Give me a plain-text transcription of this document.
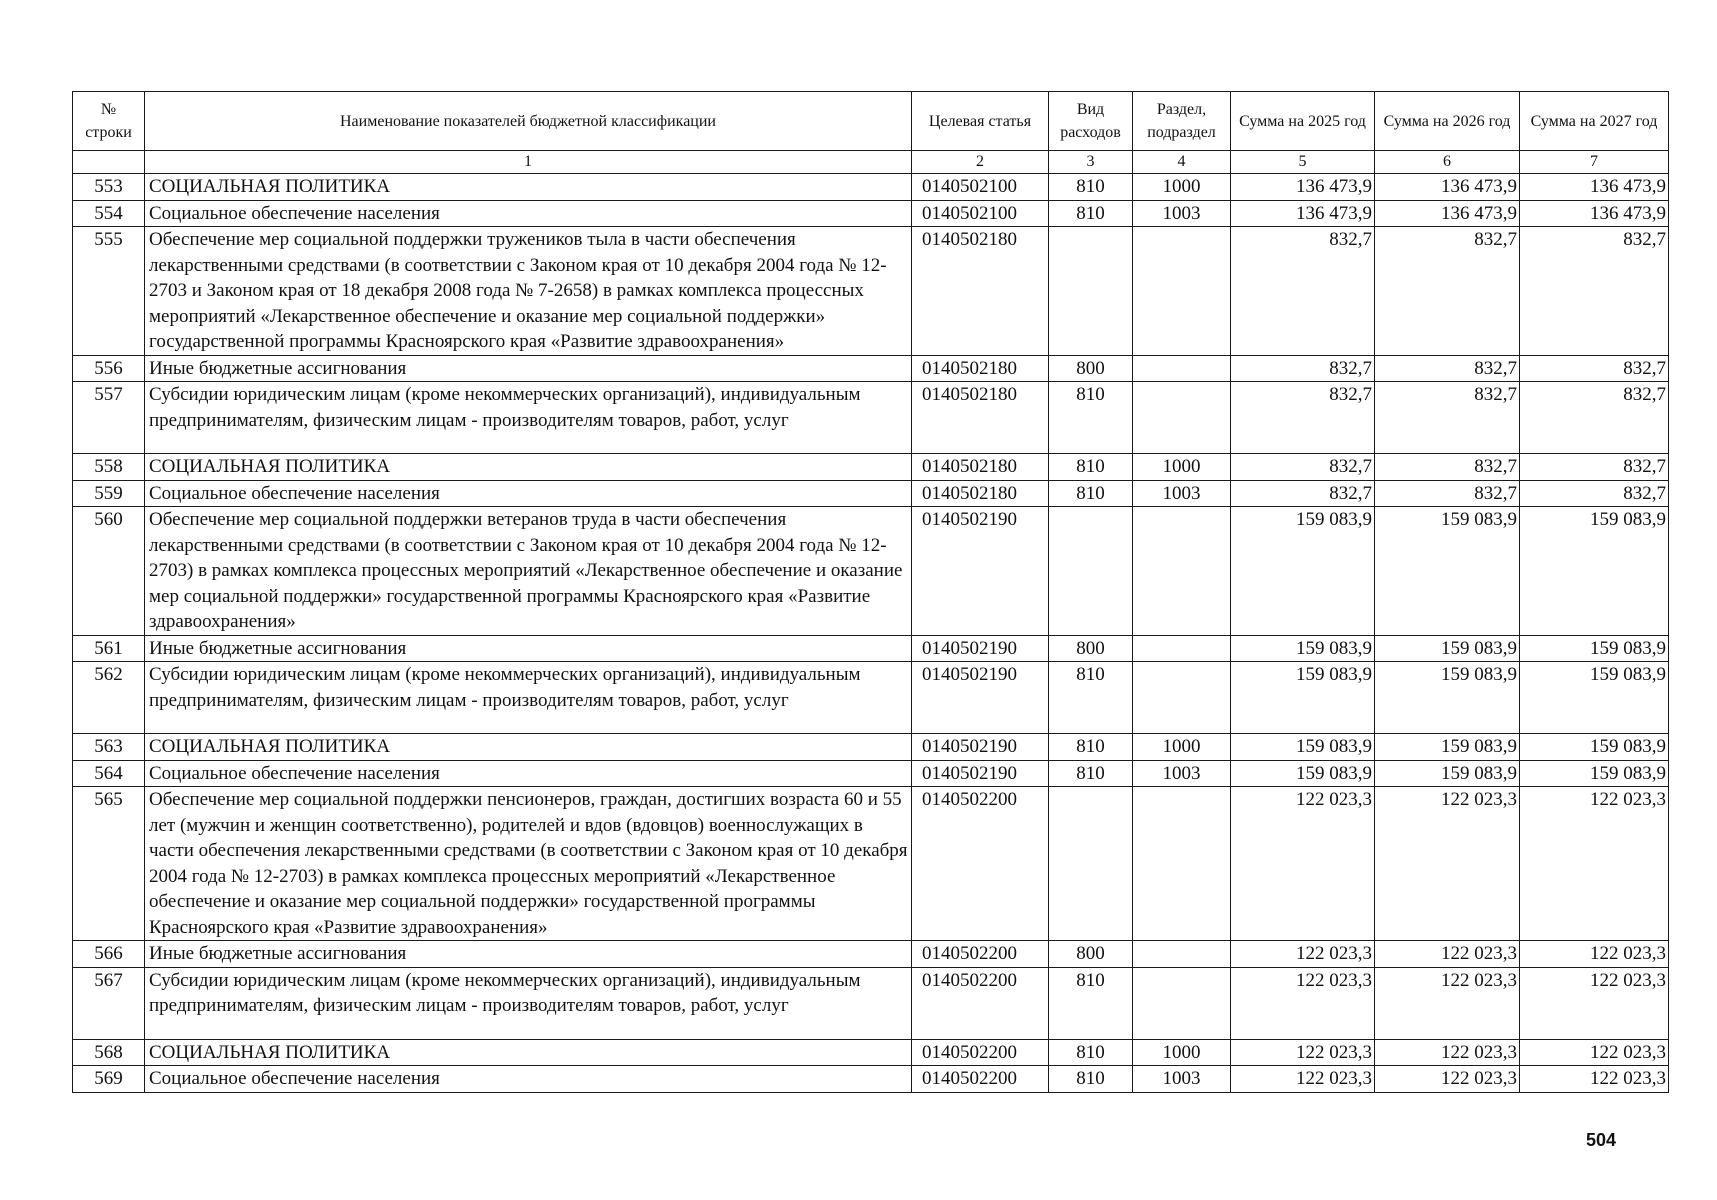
№ строки	Наименование показателей бюджетной классификации	Целевая статья	Вид расходов	Раздел, подраздел	Сумма на 2025 год	Сумма на 2026 год	Сумма на 2027 год
	1	2	3	4	5	6	7
553	СОЦИАЛЬНАЯ ПОЛИТИКА	0140502100	810	1000	136 473,9	136 473,9	136 473,9
554	Социальное обеспечение населения	0140502100	810	1003	136 473,9	136 473,9	136 473,9
555	Обеспечение мер социальной поддержки тружеников тыла в части обеспечения лекарственными средствами (в соответствии с Законом края от 10 декабря 2004 года № 12-2703 и Законом края от 18 декабря 2008 года № 7-2658) в рамках комплекса процессных мероприятий «Лекарственное обеспечение и оказание мер социальной поддержки» государственной программы Красноярского края «Развитие здравоохранения»	0140502180			832,7	832,7	832,7
556	Иные бюджетные ассигнования	0140502180	800		832,7	832,7	832,7
557	Субсидии юридическим лицам (кроме некоммерческих организаций), индивидуальным предпринимателям, физическим лицам - производителям товаров, работ, услуг	0140502180	810		832,7	832,7	832,7
558	СОЦИАЛЬНАЯ ПОЛИТИКА	0140502180	810	1000	832,7	832,7	832,7
559	Социальное обеспечение населения	0140502180	810	1003	832,7	832,7	832,7
560	Обеспечение мер социальной поддержки ветеранов труда в части обеспечения лекарственными средствами (в соответствии с Законом края от 10 декабря 2004 года № 12-2703) в рамках комплекса процессных мероприятий «Лекарственное обеспечение и оказание мер социальной поддержки» государственной программы Красноярского края «Развитие здравоохранения»	0140502190			159 083,9	159 083,9	159 083,9
561	Иные бюджетные ассигнования	0140502190	800		159 083,9	159 083,9	159 083,9
562	Субсидии юридическим лицам (кроме некоммерческих организаций), индивидуальным предпринимателям, физическим лицам - производителям товаров, работ, услуг	0140502190	810		159 083,9	159 083,9	159 083,9
563	СОЦИАЛЬНАЯ ПОЛИТИКА	0140502190	810	1000	159 083,9	159 083,9	159 083,9
564	Социальное обеспечение населения	0140502190	810	1003	159 083,9	159 083,9	159 083,9
565	Обеспечение мер социальной поддержки пенсионеров, граждан, достигших возраста 60 и 55 лет (мужчин и женщин соответственно), родителей и вдов (вдовцов) военнослужащих в части обеспечения лекарственными средствами (в соответствии с Законом края от 10 декабря 2004 года № 12-2703) в рамках комплекса процессных мероприятий «Лекарственное обеспечение и оказание мер социальной поддержки» государственной программы Красноярского края «Развитие здравоохранения»	0140502200			122 023,3	122 023,3	122 023,3
566	Иные бюджетные ассигнования	0140502200	800		122 023,3	122 023,3	122 023,3
567	Субсидии юридическим лицам (кроме некоммерческих организаций), индивидуальным предпринимателям, физическим лицам - производителям товаров, работ, услуг	0140502200	810		122 023,3	122 023,3	122 023,3
568	СОЦИАЛЬНАЯ ПОЛИТИКА	0140502200	810	1000	122 023,3	122 023,3	122 023,3
569	Социальное обеспечение населения	0140502200	810	1003	122 023,3	122 023,3	122 023,3
504
